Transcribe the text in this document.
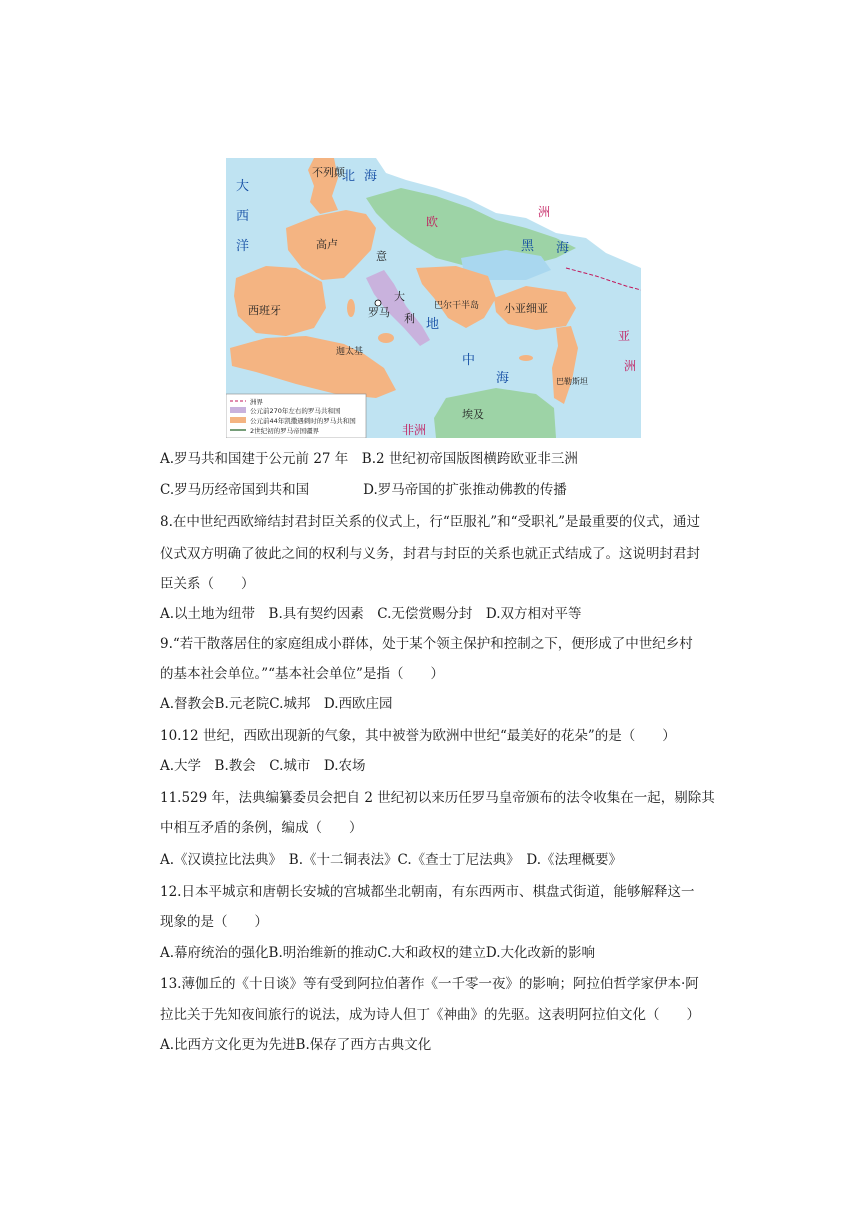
大
西
洋
北 海
黑 海
地
中
海
欧
洲
亚
洲
非洲
不列颠
高卢
西班牙
意
大
利
罗马	巴尔干半岛 小亚细亚
迦太基
埃及
巴勒斯坦
洲界
公元前270年左右的罗马共和国
公元前44年凯撒遇刺时的罗马共和国
2世纪初的罗马帝国疆界
A.罗马共和国建于公元前 27 年　B.2 世纪初帝国版图横跨欧亚非三洲
C.罗马历经帝国到共和国　　　　D.罗马帝国的扩张推动佛教的传播
8.在中世纪西欧缔结封君封臣关系的仪式上，行“臣服礼”和“受职礼”是最重要的仪式，通过
仪式双方明确了彼此之间的权利与义务，封君与封臣的关系也就正式结成了。这说明封君封
臣关系（　　）
A.以土地为纽带　B.具有契约因素　C.无偿赏赐分封　D.双方相对平等
9.“若干散落居住的家庭组成小群体，处于某个领主保护和控制之下，便形成了中世纪乡村
的基本社会单位。”“基本社会单位”是指（　　）
A.督教会B.元老院C.城邦　D.西欧庄园
10.12 世纪，西欧出现新的气象，其中被誉为欧洲中世纪“最美好的花朵”的是（　　）
A.大学　B.教会　C.城市　D.农场
11.529 年，法典编纂委员会把自 2 世纪初以来历任罗马皇帝颁布的法令收集在一起，剔除其
中相互矛盾的条例，编成（　　）
A.《汉谟拉比法典》　B.《十二铜表法》C.《查士丁尼法典》　D.《法理概要》
12.日本平城京和唐朝长安城的宫城都坐北朝南，有东西两市、棋盘式街道，能够解释这一
现象的是（　　）
A.幕府统治的强化B.明治维新的推动C.大和政权的建立D.大化改新的影响
13.薄伽丘的《十日谈》等有受到阿拉伯著作《一千零一夜》的影响；阿拉伯哲学家伊本·阿
拉比关于先知夜间旅行的说法，成为诗人但丁《神曲》的先驱。这表明阿拉伯文化（　　）
A.比西方文化更为先进B.保存了西方古典文化
